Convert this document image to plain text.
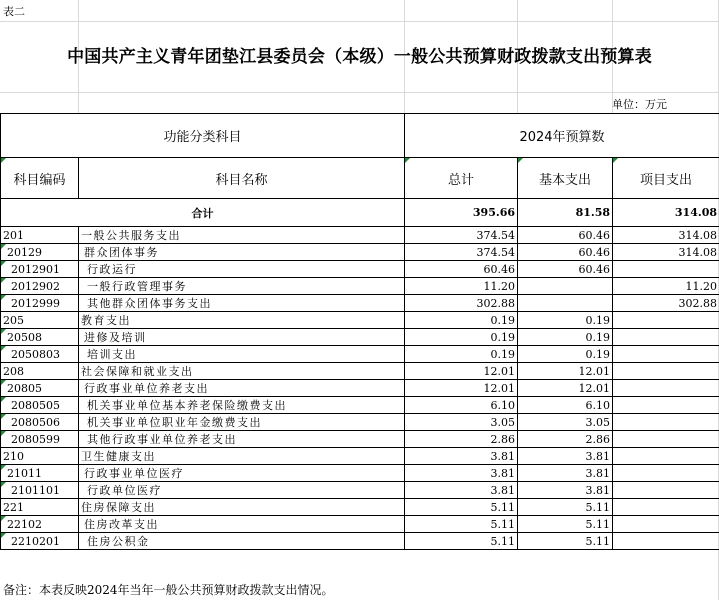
表二
中国共产主义青年团垫江县委员会（本级）一般公共预算财政拨款支出预算表
单位：万元
功能分类科目		2024年预算数		
科目编码	科目名称	总计	基本支出	项目支出
合计		395.66	81.58	314.08
201	一般公共服务支出	374.54	60.46	314.08
20129	群众团体事务	374.54	60.46	314.08
2012901	行政运行	60.46	60.46	
2012902	一般行政管理事务	11.20		11.20
2012999	其他群众团体事务支出	302.88		302.88
205	教育支出	0.19	0.19	
20508	进修及培训	0.19	0.19	
2050803	培训支出	0.19	0.19	
208	社会保障和就业支出	12.01	12.01	
20805	行政事业单位养老支出	12.01	12.01	
2080505	机关事业单位基本养老保险缴费支出	6.10	6.10	
2080506	机关事业单位职业年金缴费支出	3.05	3.05	
2080599	其他行政事业单位养老支出	2.86	2.86	
210	卫生健康支出	3.81	3.81	
21011	行政事业单位医疗	3.81	3.81	
2101101	行政单位医疗	3.81	3.81	
221	住房保障支出	5.11	5.11	
22102	住房改革支出	5.11	5.11	
2210201	住房公积金	5.11	5.11	
备注：本表反映2024年当年一般公共预算财政拨款支出情况。
